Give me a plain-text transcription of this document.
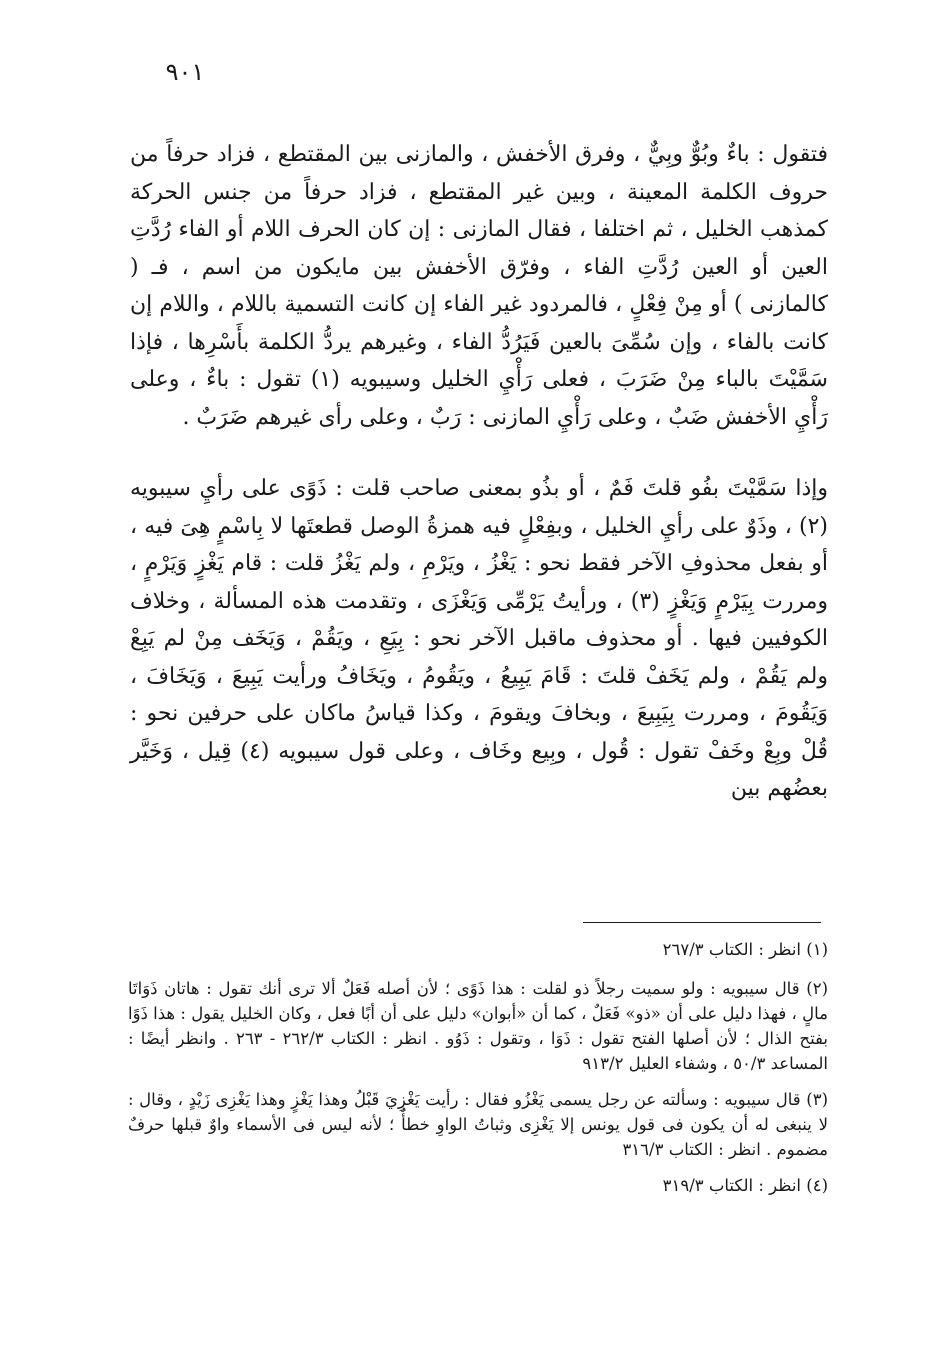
٩٠١

فتقول : باءٌ وبُوٌّ وبِيٌّ ، وفرق الأخفش ، والمازنى بين المقتطع ، فزاد حرفاً من حروف الكلمة المعينة ، وبين غير المقتطع ، فزاد حرفاً من جنس الحركة كمذهب الخليل ، ثم اختلفا ، فقال المازنى : إن كان الحرف اللام أو الفاء رُدَّتِ العين أو العين رُدَّتِ الفاء ، وفرّق الأخفش بين مايكون من اسم ، فـ ( كالمازنى ) أو مِنْ فِعْلٍ ، فالمردود غير الفاء إن كانت التسمية باللام ، واللام إن كانت بالفاء ، وإن سُمِّىَ بالعين فَيَرُدُّ الفاء ، وغيرهم يردُّ الكلمة بأَسْرِها ، فإذا سَمَّيْتَ بالباء مِنْ ضَرَبَ ، فعلى رَأْيِ الخليل وسيبويه (١) تقول : باءٌ ، وعلى رَأْيِ الأخفش ضَبٌ ، وعلى رَأْيِ المازنى : رَبٌ ، وعلى رأى غيرهم ضَرَبٌ .

وإذا سَمَّيْتَ بفُو قلتَ فَمٌ ، أو بذُو بمعنى صاحب قلت : ذَوًى على رأيِ سيبويه (٢) ، وذَوٌ على رأيِ الخليل ، وبفِعْلٍ فيه همزةُ الوصل قطعتَها لا بِاسْمٍ هِىَ فيه ، أو بفعل محذوفِ الآخر فقط نحو : يَغْزُ ، ويَرْمِ ، ولم يَغْزُ قلت : قام يَغْزٍ وَيَرْمٍ ، ومررت بِيَرْمٍ وَيَغْزٍ (٣) ، ورأيتُ يَرْمِّى وَيَغْزَى ، وتقدمت هذه المسألة ، وخلاف الكوفيين فيها . أو محذوف ماقبل الآخر نحو : بِيَعِ ، ويَقُمْ ، وَيَخَف مِنْ لم يَبِعْ ولم يَقُمْ ، ولم يَخَفْ قلتَ : قَامَ يَبِيعُ ، ويَقُومُ ، ويَخَافُ ورأيت يَبِيعَ ، وَيَخَافَ ، وَيَقُومَ ، ومررت بِيَبِيعَ ، وبخافَ ويقومَ ، وكذا قياسُ ماكان على حرفين نحو : قُلْ وبِعْ وخَفْ تقول : قُول ، وبِيع وخَاف ، وعلى قول سيبويه (٤) قِيل ، وَخَيَّر بعضُهم بين

(١) انظر : الكتاب ٢٦٧/٣

(٢) قال سيبويه : ولو سميت رجلاً ذو لقلت : هذا ذَوًى ؛ لأن أصله فَعَلٌ ألا ترى أنك تقول : هاتان ذَوَاتَا مالٍ ، فهذا دليل على أن «ذو» فَعَلٌ ، كما أن «أبوان» دليل على أن أبًا فعل ، وكان الخليل يقول : هذا ذَوًا بفتح الذال ؛ لأن أصلها الفتح تقول : ذَوَا ، وتقول : ذَوُو . انظر : الكتاب ٢٦٢/٣ - ٢٦٣ . وانظر أيضًا : المساعد ٥٠/٣ ، وشفاء العليل ٩١٣/٢

(٣) قال سيبويه : وسألته عن رجل يسمى يَغْزُو فقال : رأيت يَغْزِيَ قَبْلُ وهذا يَغْزٍ وهذا يَغْزِى زَيْدٍ ، وقال : لا ينبغى له أن يكون فى قول يونس إلا يَغْزِى وثباتُ الواوِ خطأٌ ؛ لأنه ليس فى الأسماء واوٌ قبلها حرفٌ مضموم . انظر : الكتاب ٣١٦/٣

(٤) انظر : الكتاب ٣١٩/٣
